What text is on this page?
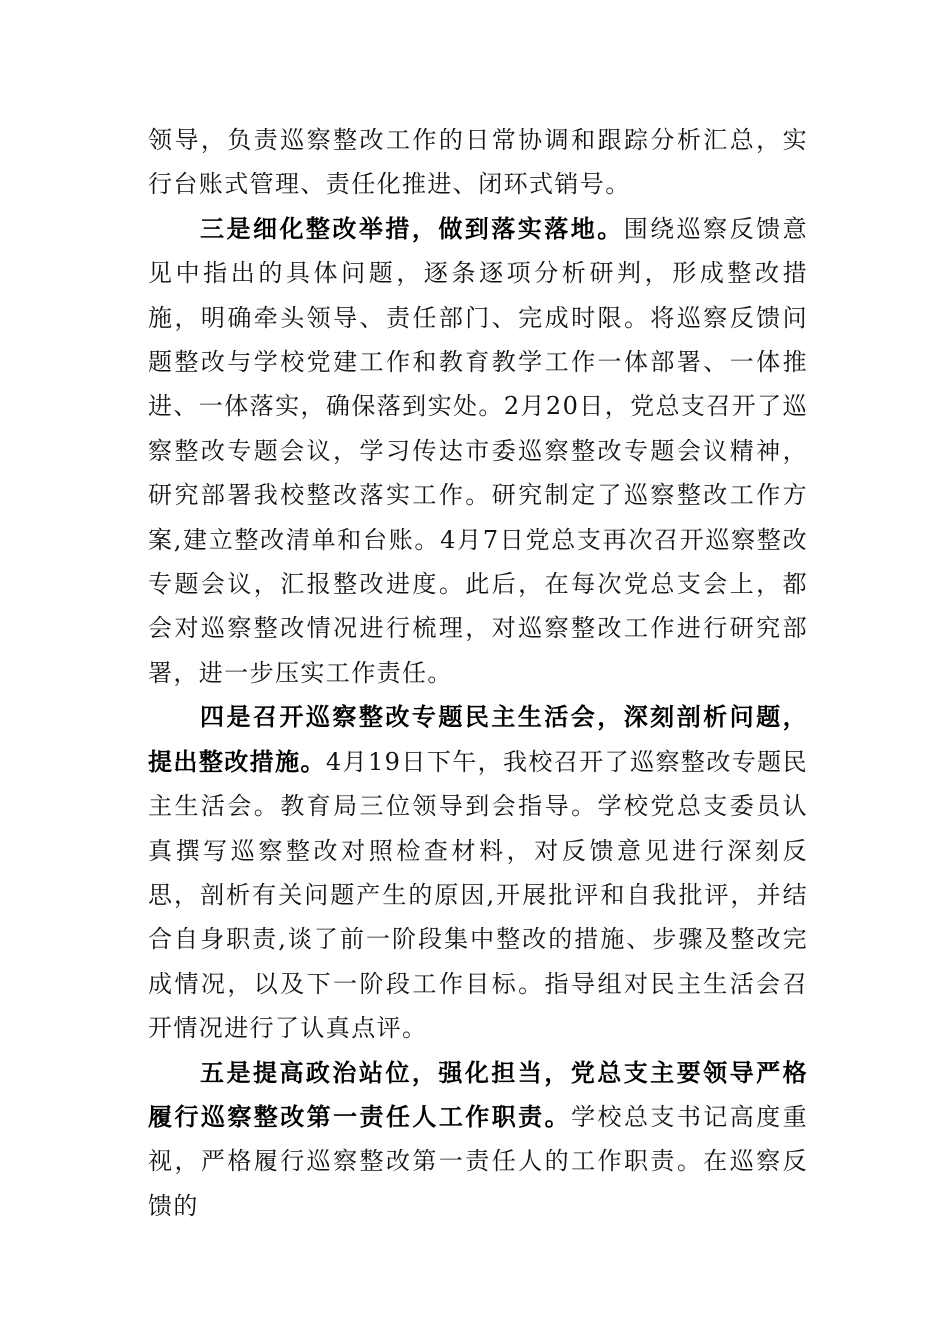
领导，负责巡察整改工作的日常协调和跟踪分析汇总，实行台账式管理、责任化推进、闭环式销号。

三是细化整改举措，做到落实落地。围绕巡察反馈意见中指出的具体问题，逐条逐项分析研判，形成整改措施，明确牵头领导、责任部门、完成时限。将巡察反馈问题整改与学校党建工作和教育教学工作一体部署、一体推进、一体落实，确保落到实处。2月20日，党总支召开了巡察整改专题会议，学习传达市委巡察整改专题会议精神，研究部署我校整改落实工作。研究制定了巡察整改工作方案,建立整改清单和台账。4月7日党总支再次召开巡察整改专题会议，汇报整改进度。此后，在每次党总支会上，都会对巡察整改情况进行梳理，对巡察整改工作进行研究部署，进一步压实工作责任。

四是召开巡察整改专题民主生活会，深刻剖析问题，提出整改措施。4月19日下午，我校召开了巡察整改专题民主生活会。教育局三位领导到会指导。学校党总支委员认真撰写巡察整改对照检查材料，对反馈意见进行深刻反思，剖析有关问题产生的原因,开展批评和自我批评，并结合自身职责,谈了前一阶段集中整改的措施、步骤及整改完成情况，以及下一阶段工作目标。指导组对民主生活会召开情况进行了认真点评。

五是提高政治站位，强化担当，党总支主要领导严格履行巡察整改第一责任人工作职责。学校总支书记高度重视，严格履行巡察整改第一责任人的工作职责。在巡察反馈的
